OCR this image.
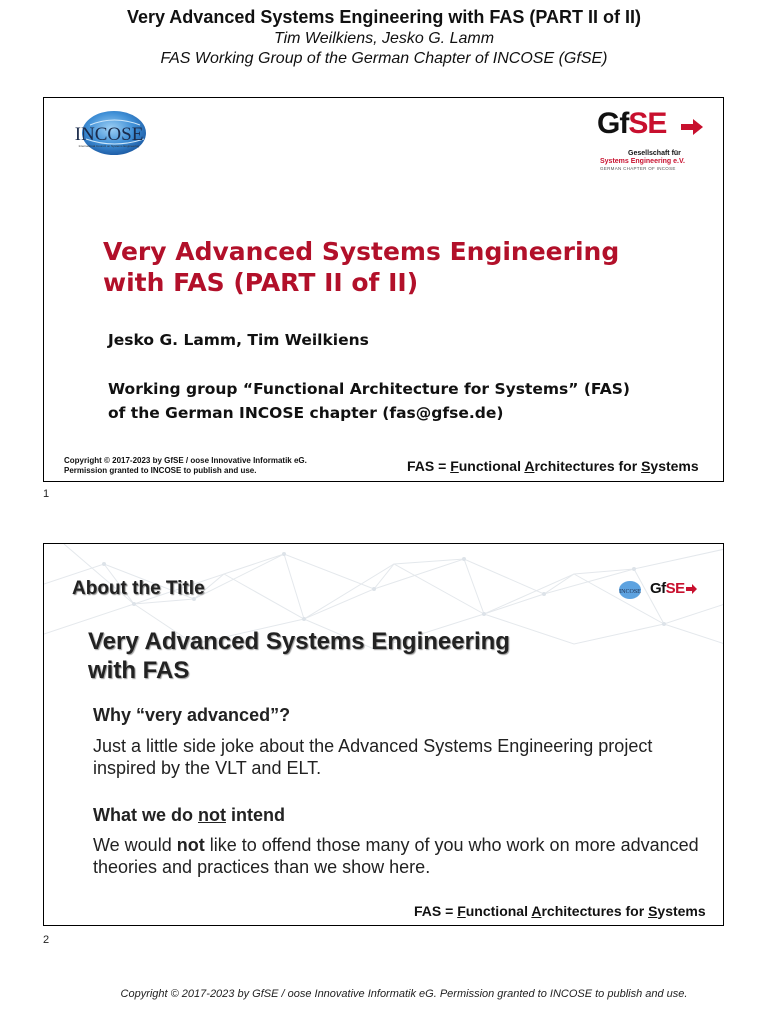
Very Advanced Systems Engineering with FAS (PART II of II)
Tim Weilkiens, Jesko G. Lamm
FAS Working Group of the German Chapter of INCOSE (GfSE)
INCOSE
International Council on Systems Engineering
GfSE
Gesellschaft für
Systems Engineering e.V.
GERMAN CHAPTER OF INCOSE
Very Advanced Systems Engineering
with FAS (PART II of II)
Jesko G. Lamm, Tim Weilkiens
Working group “Functional Architecture for Systems” (FAS)
of the German INCOSE chapter (fas@gfse.de)
Copyright © 2017-2023 by GfSE / oose Innovative Informatik eG.
Permission granted to INCOSE to publish and use.	FAS = Functional Architectures for Systems
1
About the Title	INCOSE GfSE
Very Advanced Systems Engineering
with FAS
Why “very advanced”?
Just a little side joke about the Advanced Systems Engineering project inspired by the VLT and ELT.
What we do not intend
We would not like to offend those many of you who work on more advanced theories and practices than we show here.
FAS = Functional Architectures for Systems
2
Copyright © 2017-2023 by GfSE / oose Innovative Informatik eG. Permission granted to INCOSE to publish and use.
